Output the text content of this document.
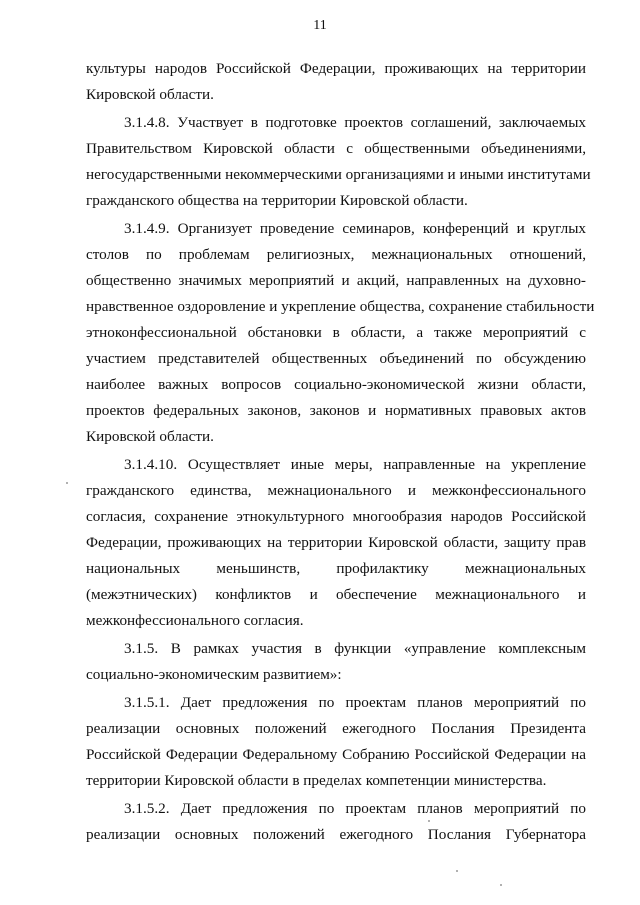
11
культуры народов Российской Федерации, проживающих на территории
Кировской области.
3.1.4.8. Участвует в подготовке проектов соглашений, заключаемых
Правительством Кировской области с общественными объединениями,
негосударственными некоммерческими организациями и иными институтами
гражданского общества на территории Кировской области.
3.1.4.9. Организует проведение семинаров, конференций и круглых
столов по проблемам религиозных, межнациональных отношений,
общественно значимых мероприятий и акций, направленных на духовно-
нравственное оздоровление и укрепление общества, сохранение стабильности
этноконфессиональной обстановки в области, а также мероприятий с
участием представителей общественных объединений по обсуждению
наиболее важных вопросов социально-экономической жизни области,
проектов федеральных законов, законов и нормативных правовых актов
Кировской области.
3.1.4.10. Осуществляет иные меры, направленные на укрепление
гражданского единства, межнационального и межконфессионального
согласия, сохранение этнокультурного многообразия народов Российской
Федерации, проживающих на территории Кировской области, защиту прав
национальных меньшинств, профилактику межнациональных
(межэтнических) конфликтов и обеспечение межнационального и
межконфессионального согласия.
3.1.5. В рамках участия в функции «управление комплексным
социально-экономическим развитием»:
3.1.5.1. Дает предложения по проектам планов мероприятий по
реализации основных положений ежегодного Послания Президента
Российской Федерации Федеральному Собранию Российской Федерации на
территории Кировской области в пределах компетенции министерства.
3.1.5.2. Дает предложения по проектам планов мероприятий по
реализации основных положений ежегодного Послания Губернатора
